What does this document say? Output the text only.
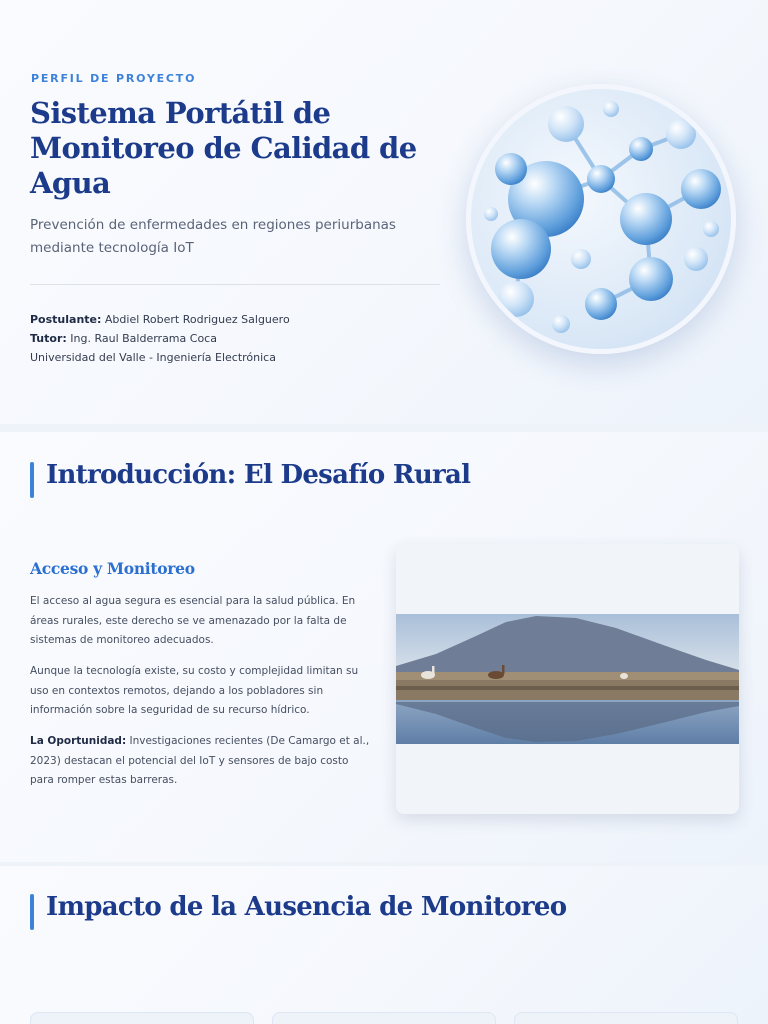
PERFIL DE PROYECTO
Sistema Portátil de Monitoreo de Calidad de Agua

Prevención de enfermedades en regiones periurbanas mediante tecnología IoT

Postulante: Abdiel Robert Rodriguez Salguero
Tutor: Ing. Raul Balderrama Coca
Universidad del Valle - Ingeniería Electrónica
Introducción: El Desafío Rural
Acceso y Monitoreo

El acceso al agua segura es esencial para la salud pública. En áreas rurales, este derecho se ve amenazado por la falta de sistemas de monitoreo adecuados.

Aunque la tecnología existe, su costo y complejidad limitan su uso en contextos remotos, dejando a los pobladores sin información sobre la seguridad de su recurso hídrico.

La Oportunidad: Investigaciones recientes (De Camargo et al., 2023) destacan el potencial del IoT y sensores de bajo costo para romper estas barreras.

Impacto de la Ausencia de Monitoreo
